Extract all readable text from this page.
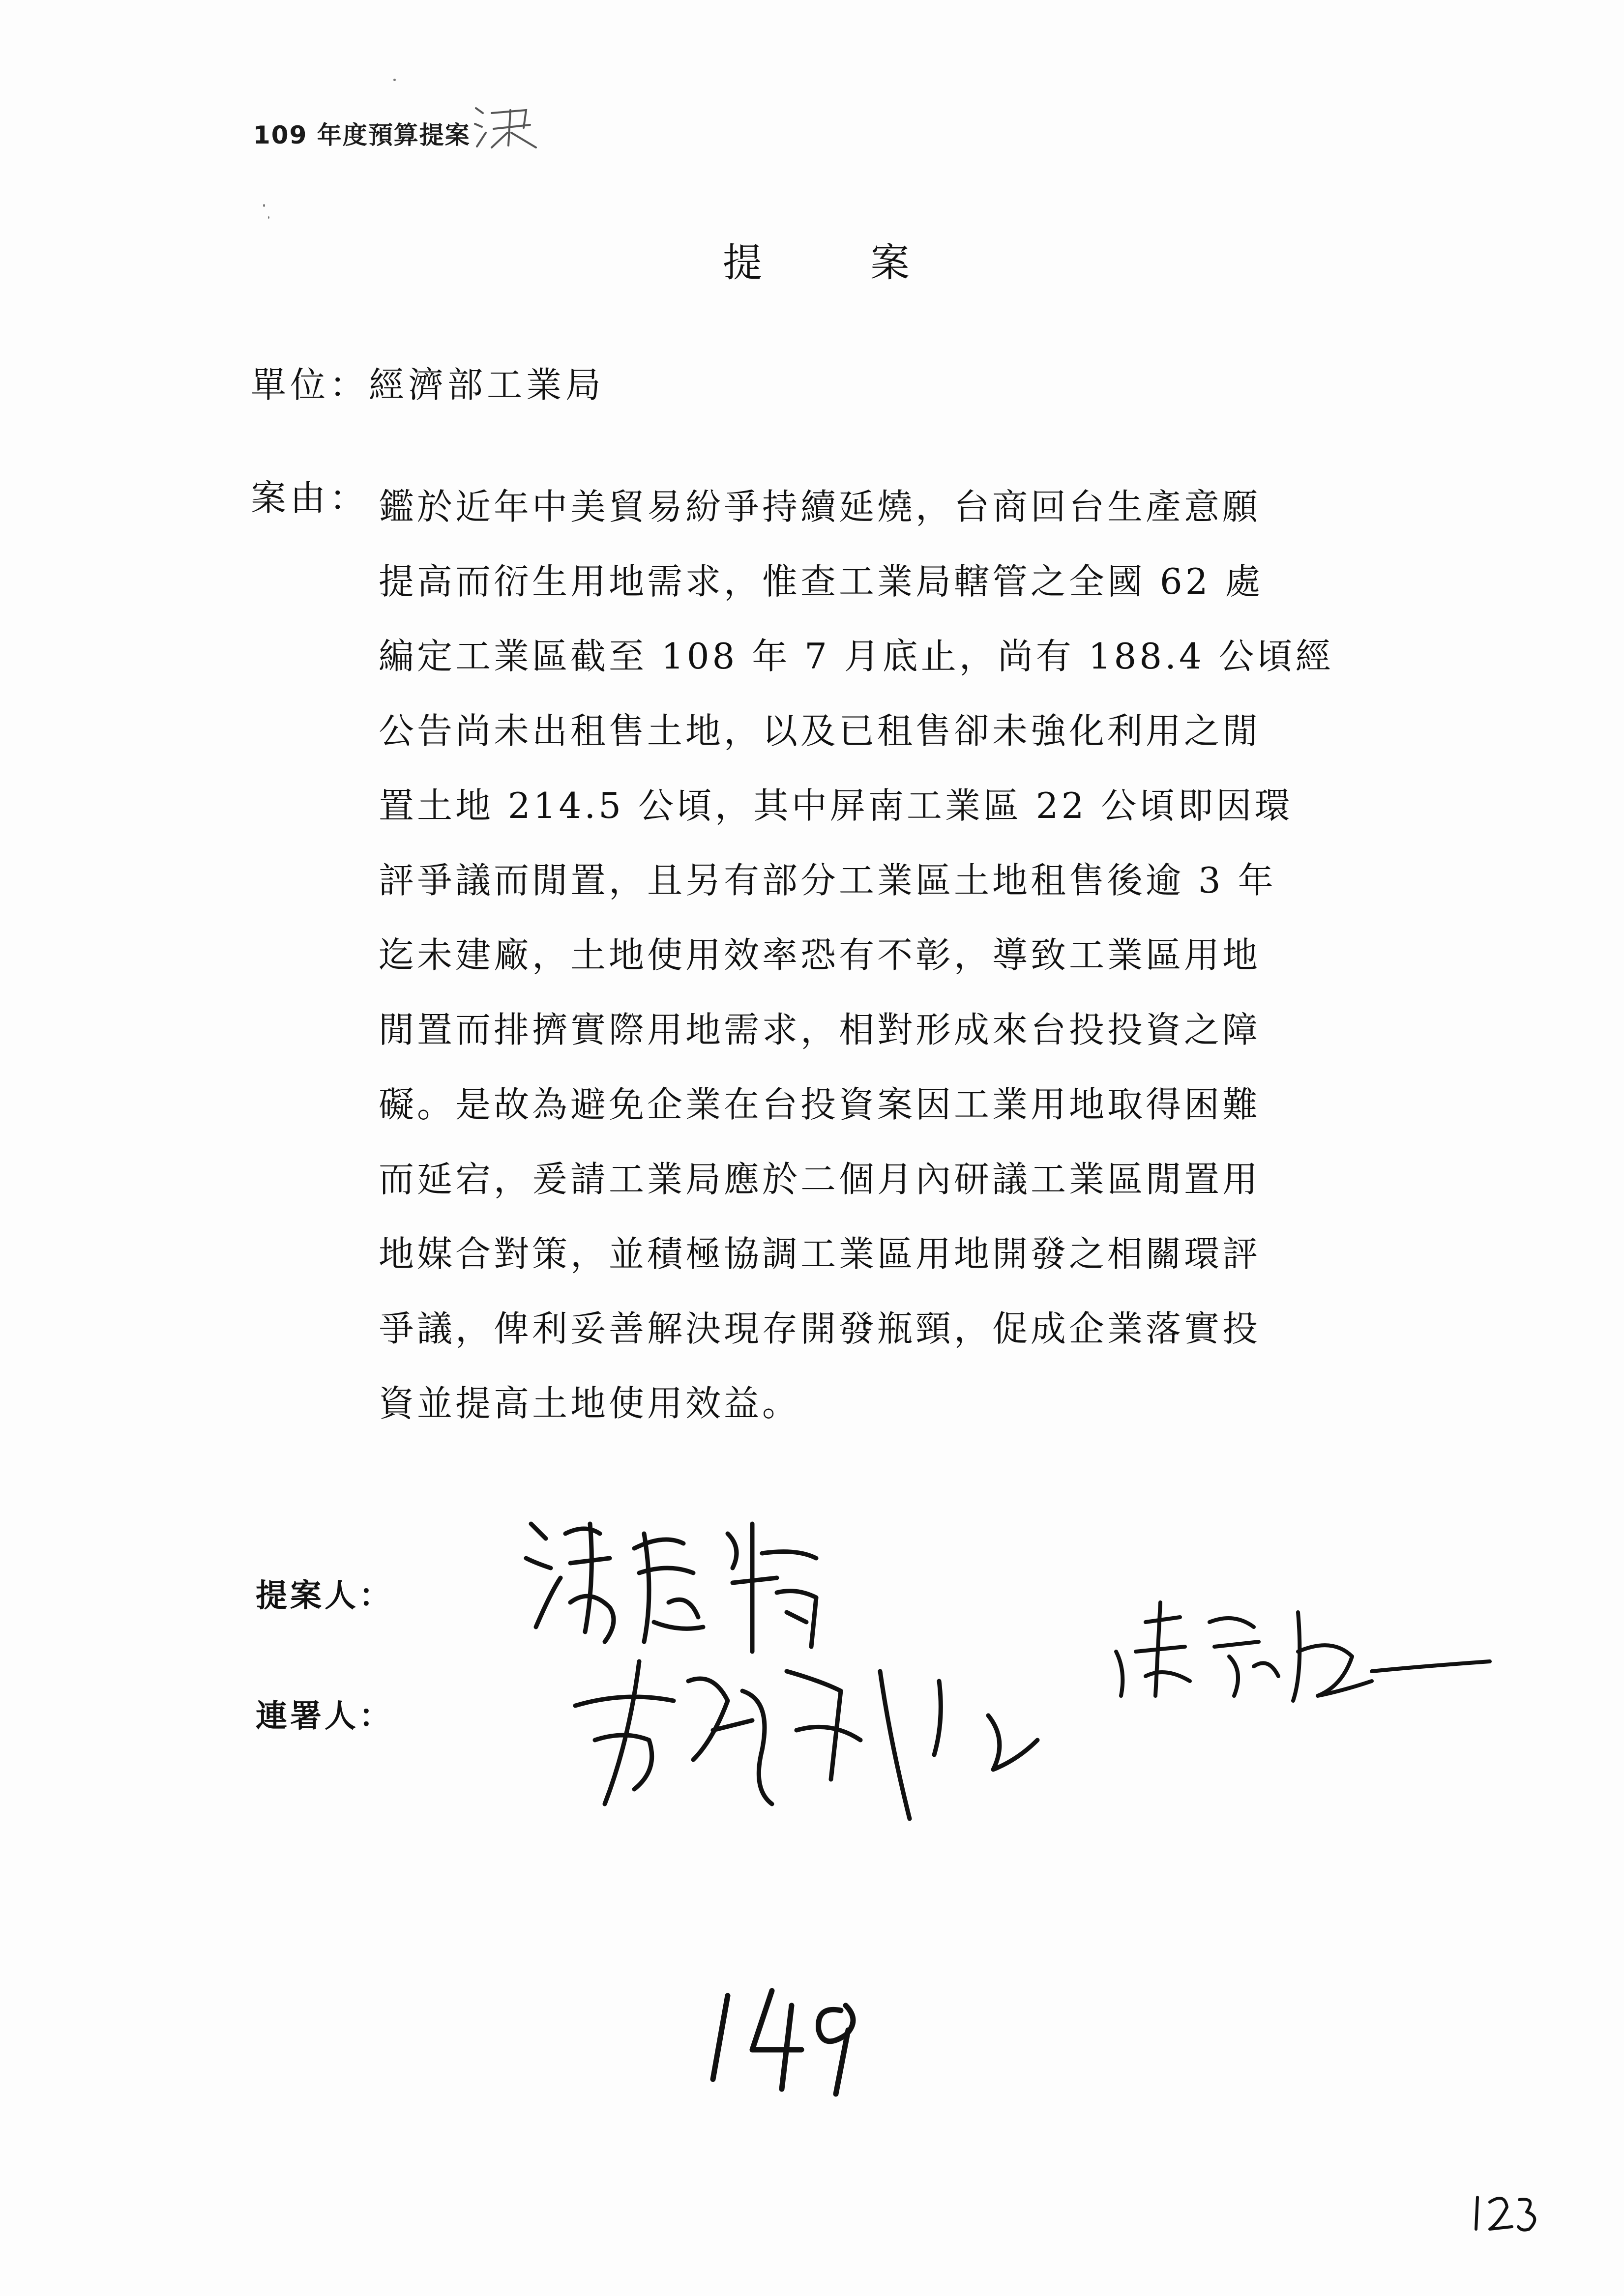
109 年度預算提案
提案
單位：經濟部工業局
案由： 鑑於近年中美貿易紛爭持續延燒，台商回台生產意願
提高而衍生用地需求，惟查工業局轄管之全國 62 處
編定工業區截至 108 年 7 月底止，尚有 188.4 公頃經
公告尚未出租售土地，以及已租售卻未強化利用之閒
置土地 214.5 公頃，其中屏南工業區 22 公頃即因環
評爭議而閒置，且另有部分工業區土地租售後逾 3 年
迄未建廠，土地使用效率恐有不彰，導致工業區用地
閒置而排擠實際用地需求，相對形成來台投投資之障
礙。是故為避免企業在台投資案因工業用地取得困難
而延宕，爰請工業局應於二個月內研議工業區閒置用
地媒合對策，並積極協調工業區用地開發之相關環評
爭議，俾利妥善解決現存開發瓶頸，促成企業落實投
資並提高土地使用效益。
提案人：
連署人：
